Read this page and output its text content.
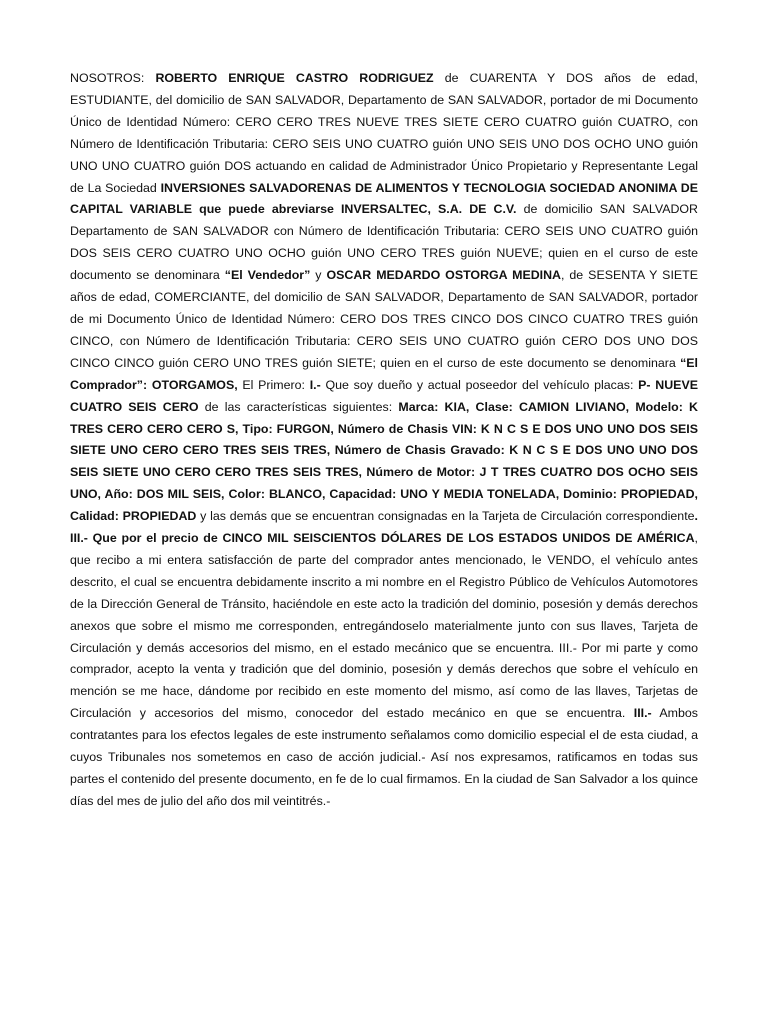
NOSOTROS: ROBERTO ENRIQUE CASTRO RODRIGUEZ de CUARENTA Y DOS años de edad, ESTUDIANTE, del domicilio de SAN SALVADOR, Departamento de SAN SALVADOR, portador de mi Documento Único de Identidad Número: CERO CERO TRES NUEVE TRES SIETE CERO CUATRO guión CUATRO, con Número de Identificación Tributaria: CERO SEIS UNO CUATRO guión UNO SEIS UNO DOS OCHO UNO guión UNO UNO CUATRO guión DOS actuando en calidad de Administrador Único Propietario y Representante Legal de La Sociedad INVERSIONES SALVADORENAS DE ALIMENTOS Y TECNOLOGIA SOCIEDAD ANONIMA DE CAPITAL VARIABLE que puede abreviarse INVERSALTEC, S.A. DE C.V. de domicilio SAN SALVADOR Departamento de SAN SALVADOR con Número de Identificación Tributaria: CERO SEIS UNO CUATRO guión DOS SEIS CERO CUATRO UNO OCHO guión UNO CERO TRES guión NUEVE; quien en el curso de este documento se denominara “El Vendedor” y OSCAR MEDARDO OSTORGA MEDINA, de SESENTA Y SIETE años de edad, COMERCIANTE, del domicilio de SAN SALVADOR, Departamento de SAN SALVADOR, portador de mi Documento Único de Identidad Número: CERO DOS TRES CINCO DOS CINCO CUATRO TRES guión CINCO, con Número de Identificación Tributaria: CERO SEIS UNO CUATRO guión CERO DOS UNO DOS CINCO CINCO guión CERO UNO TRES guión SIETE; quien en el curso de este documento se denominara “El Comprador”: OTORGAMOS, El Primero: I.- Que soy dueño y actual poseedor del vehículo placas: P- NUEVE CUATRO SEIS CERO de las características siguientes: Marca: KIA, Clase: CAMION LIVIANO, Modelo: K TRES CERO CERO CERO S, Tipo: FURGON, Número de Chasis VIN: K N C S E DOS UNO UNO DOS SEIS SIETE UNO CERO CERO TRES SEIS TRES, Número de Chasis Gravado: K N C S E DOS UNO UNO DOS SEIS SIETE UNO CERO CERO TRES SEIS TRES, Número de Motor: J T TRES CUATRO DOS OCHO SEIS UNO, Año: DOS MIL SEIS, Color: BLANCO, Capacidad: UNO Y MEDIA TONELADA, Dominio: PROPIEDAD, Calidad: PROPIEDAD y las demás que se encuentran consignadas en la Tarjeta de Circulación correspondiente. III.- Que por el precio de CINCO MIL SEISCIENTOS DÓLARES DE LOS ESTADOS UNIDOS DE AMÉRICA, que recibo a mi entera satisfacción de parte del comprador antes mencionado, le VENDO, el vehículo antes descrito, el cual se encuentra debidamente inscrito a mi nombre en el Registro Público de Vehículos Automotores de la Dirección General de Tránsito, haciéndole en este acto la tradición del dominio, posesión y demás derechos anexos que sobre el mismo me corresponden, entregándoselo materialmente junto con sus llaves, Tarjeta de Circulación y demás accesorios del mismo, en el estado mecánico que se encuentra. III.- Por mi parte y como comprador, acepto la venta y tradición que del dominio, posesión y demás derechos que sobre el vehículo en mención se me hace, dándome por recibido en este momento del mismo, así como de las llaves, Tarjetas de Circulación y accesorios del mismo, conocedor del estado mecánico en que se encuentra. III.- Ambos contratantes para los efectos legales de este instrumento señalamos como domicilio especial el de esta ciudad, a cuyos Tribunales nos sometemos en caso de acción judicial.- Así nos expresamos, ratificamos en todas sus partes el contenido del presente documento, en fe de lo cual firmamos. En la ciudad de San Salvador a los quince días del mes de julio del año dos mil veintitrés.-
